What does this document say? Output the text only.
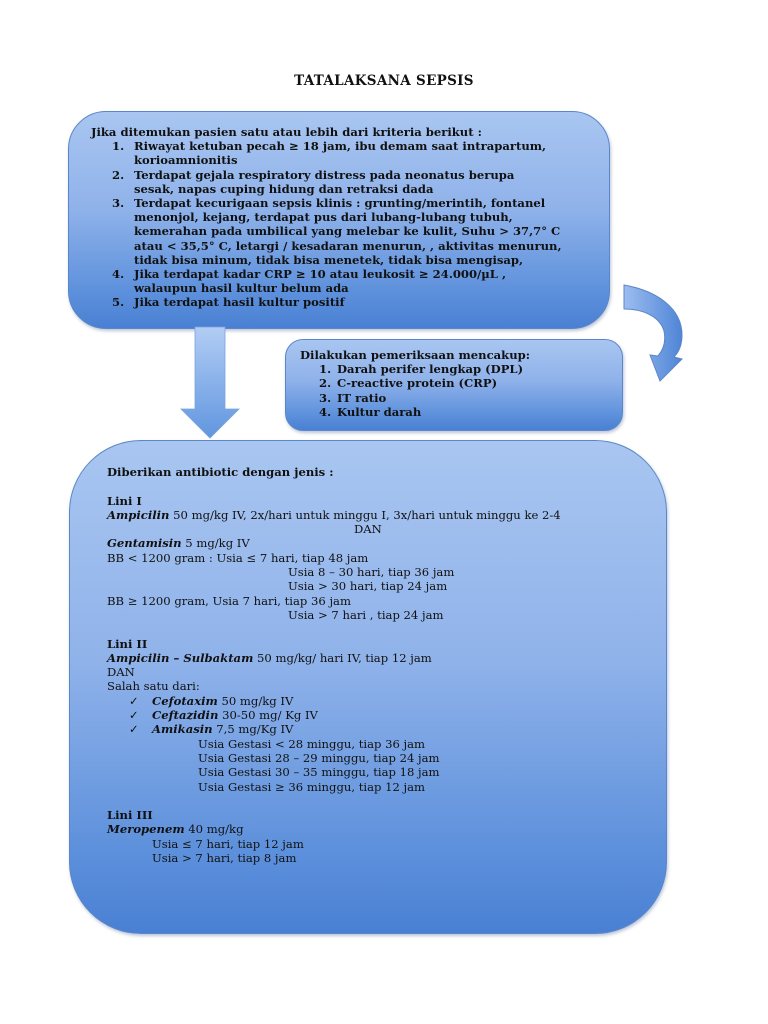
TATALAKSANA SEPSIS
Jika ditemukan pasien satu atau lebih dari kriteria berikut :
1. Riwayat ketuban pecah ≥ 18 jam, ibu demam saat intrapartum,
korioamnionitis
2. Terdapat gejala respiratory distress pada neonatus berupa
sesak, napas cuping hidung dan retraksi dada
3. Terdapat kecurigaan sepsis klinis : grunting/merintih, fontanel
menonjol, kejang, terdapat pus dari lubang-lubang tubuh,
kemerahan pada umbilical yang melebar ke kulit, Suhu > 37,7° C
atau < 35,5° C, letargi / kesadaran menurun, , aktivitas menurun,
tidak bisa minum, tidak bisa menetek, tidak bisa mengisap,
4. Jika terdapat kadar CRP ≥ 10 atau leukosit ≥ 24.000/µL ,
walaupun hasil kultur belum ada
5. Jika terdapat hasil kultur positif
Dilakukan pemeriksaan mencakup:
1. Darah perifer lengkap (DPL)
2. C-reactive protein (CRP)
3. IT ratio
4. Kultur darah
Diberikan antibiotic dengan jenis :
Lini I
Ampicilin 50 mg/kg IV, 2x/hari untuk minggu I, 3x/hari untuk minggu ke 2-4
DAN
Gentamisin 5 mg/kg IV
BB < 1200 gram : Usia ≤ 7 hari, tiap 48 jam
Usia 8 – 30 hari, tiap 36 jam
Usia > 30 hari, tiap 24 jam
BB ≥ 1200 gram, Usia 7 hari, tiap 36 jam
Usia > 7 hari , tiap 24 jam
Lini II
Ampicilin – Sulbaktam 50 mg/kg/ hari IV, tiap 12 jam
DAN
Salah satu dari:
✓ Cefotaxim 50 mg/kg IV
✓ Ceftazidin 30-50 mg/ Kg IV
✓ Amikasin 7,5 mg/Kg IV
Usia Gestasi < 28 minggu, tiap 36 jam
Usia Gestasi 28 – 29 minggu, tiap 24 jam
Usia Gestasi 30 – 35 minggu, tiap 18 jam
Usia Gestasi ≥ 36 minggu, tiap 12 jam
Lini III
Meropenem 40 mg/kg
Usia ≤ 7 hari, tiap 12 jam
Usia > 7 hari, tiap 8 jam
